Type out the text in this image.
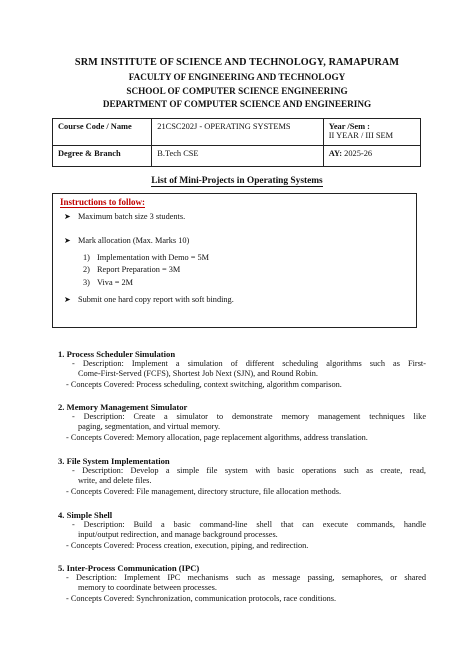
SRM INSTITUTE OF SCIENCE AND TECHNOLOGY, RAMAPURAM
FACULTY OF ENGINEERING AND TECHNOLOGY
SCHOOL OF COMPUTER SCIENCE ENGINEERING
DEPARTMENT OF COMPUTER SCIENCE AND ENGINEERING
Course Code / Name	21CSC202J - OPERATING SYSTEMS	Year /Sem :
II YEAR / III SEM

Degree & Branch	B.Tech CSE	AY: 2025-26
List of Mini-Projects in Operating Systems
Instructions to follow:
➤ Maximum batch size 3 students.
➤ Mark allocation (Max. Marks 10)
1) Implementation with Demo = 5M
2) Report Preparation = 3M
3) Viva = 2M
➤ Submit one hard copy report with soft binding.
1. Process Scheduler Simulation
- Description: Implement a simulation of different scheduling algorithms such as First-
Come-First-Served (FCFS), Shortest Job Next (SJN), and Round Robin.
- Concepts Covered: Process scheduling, context switching, algorithm comparison.
2. Memory Management Simulator
- Description: Create a simulator to demonstrate memory management techniques like
paging, segmentation, and virtual memory.
- Concepts Covered: Memory allocation, page replacement algorithms, address translation.
3. File System Implementation
- Description: Develop a simple file system with basic operations such as create, read,
write, and delete files.
- Concepts Covered: File management, directory structure, file allocation methods.
4. Simple Shell
- Description: Build a basic command-line shell that can execute commands, handle
input/output redirection, and manage background processes.
- Concepts Covered: Process creation, execution, piping, and redirection.
5. Inter-Process Communication (IPC)
- Description: Implement IPC mechanisms such as message passing, semaphores, or shared
memory to coordinate between processes.
- Concepts Covered: Synchronization, communication protocols, race conditions.
